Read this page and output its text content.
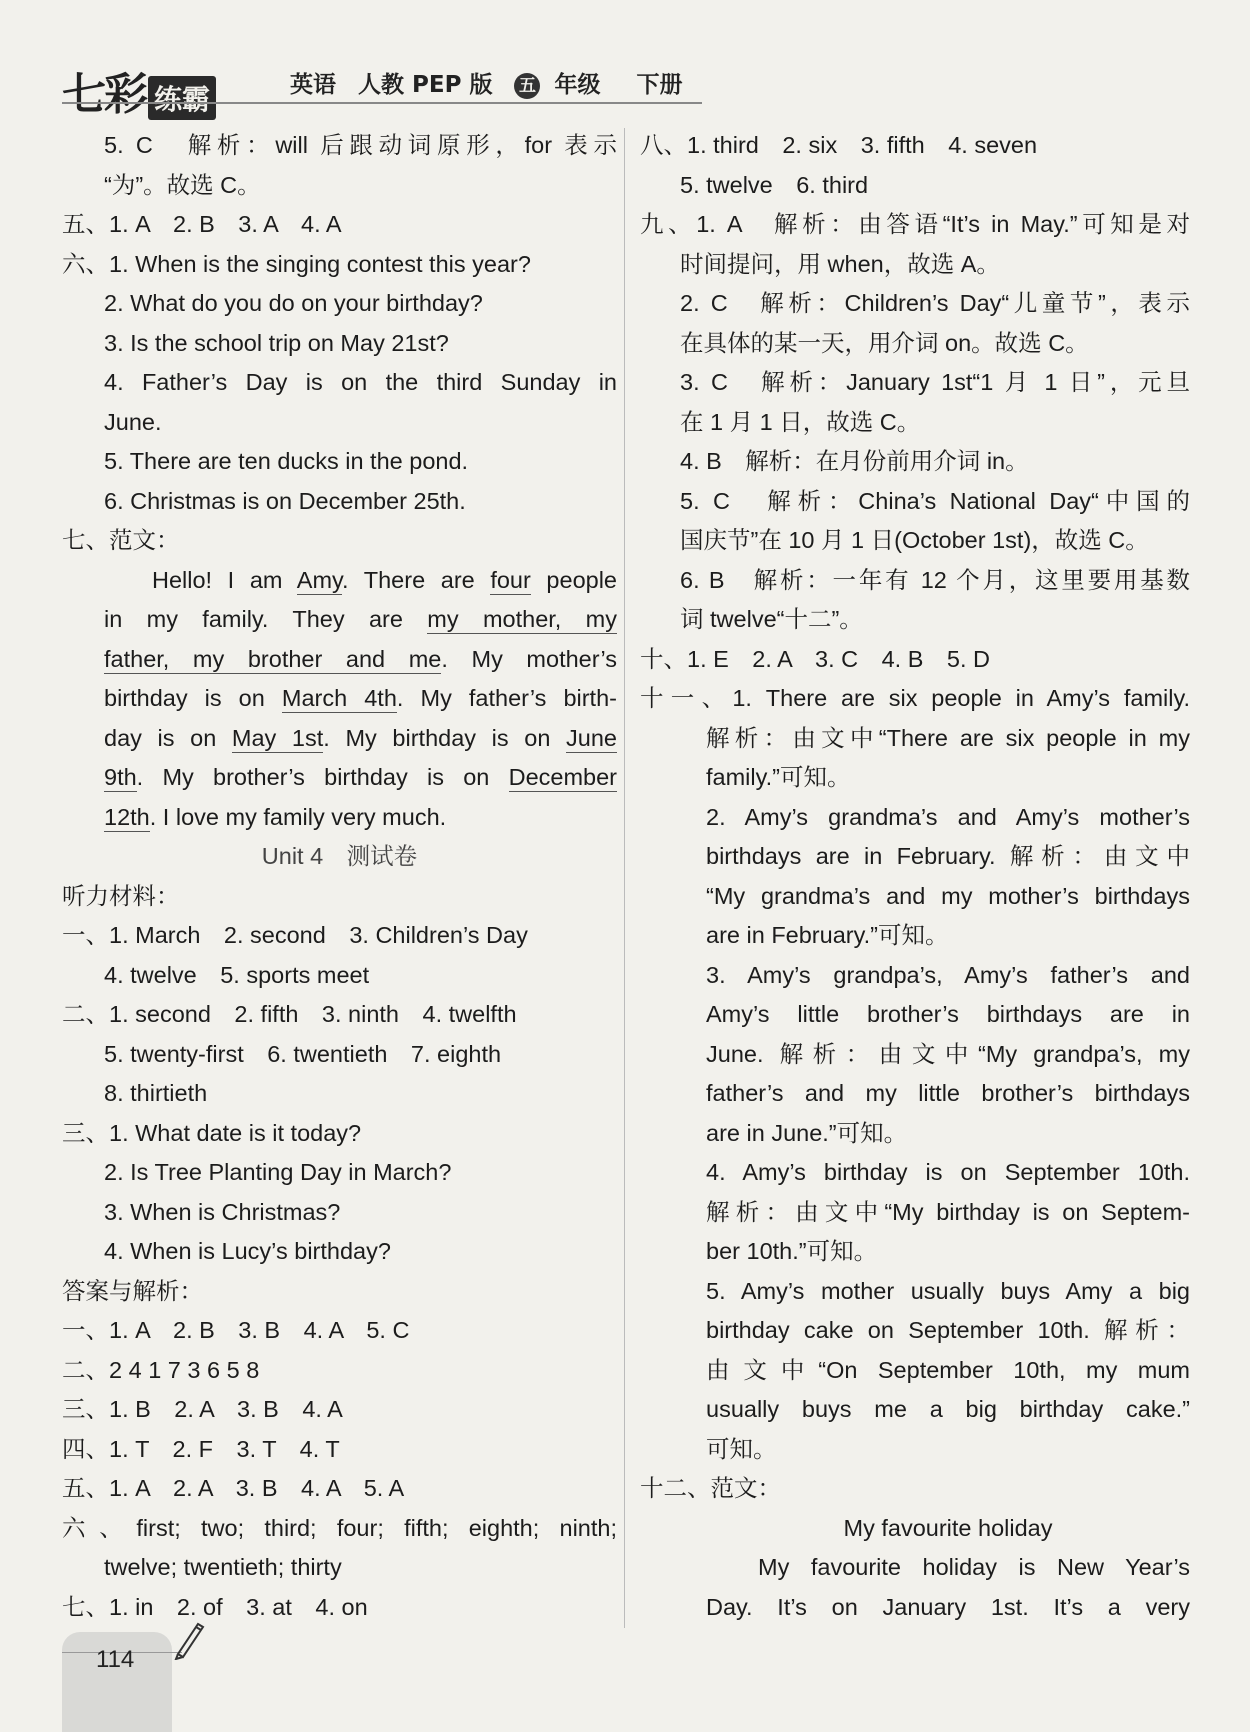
七彩 练霸	英语 人教 PEP 版 五 年级 下册
5. C　解析：will 后跟动词原形，for 表示
“为”。故选 C。
五、1. A　2. B　3. A　4. A
六、1. When is the singing contest this year?
2. What do you do on your birthday?
3. Is the school trip on May 21st?
4. Father’s Day is on the third Sunday in
June.
5. There are ten ducks in the pond.
6. Christmas is on December 25th.
七、范文：
Hello! I am Amy. There are four people
in my family. They are my mother, my
father, my brother and me. My mother’s
birthday is on March 4th. My father’s birth-
day is on May 1st. My birthday is on June
9th. My brother’s birthday is on December
12th. I love my family very much.
Unit 4　测试卷
听力材料：
一、1. March　2. second　3. Children’s Day
4. twelve　5. sports meet
二、1. second　2. fifth　3. ninth　4. twelfth
5. twenty-first　6. twentieth　7. eighth
8. thirtieth
三、1. What date is it today?
2. Is Tree Planting Day in March?
3. When is Christmas?
4. When is Lucy’s birthday?
答案与解析：
一、1. A　2. B　3. B　4. A　5. C
二、2 4 1 7 3 6 5 8
三、1. B　2. A　3. B　4. A
四、1. T　2. F　3. T　4. T
五、1. A　2. A　3. B　4. A　5. A
六、first; two; third; four; fifth; eighth; ninth;
twelve; twentieth; thirty
七、1. in　2. of　3. at　4. on
八、1. third　2. six　3. fifth　4. seven
5. twelve　6. third
九、1. A　解析：由答语“It’s in May.”可知是对
时间提问，用 when，故选 A。
2. C　解析：Children’s Day“儿童节”，表示
在具体的某一天，用介词 on。故选 C。
3. C　解析：January 1st“1 月 1 日”，元旦
在 1 月 1 日，故选 C。
4. B　解析：在月份前用介词 in。
5. C　解析：China’s National Day“中国的
国庆节”在 10 月 1 日(October 1st)，故选 C。
6. B　解析：一年有 12 个月，这里要用基数
词 twelve“十二”。
十、1. E　2. A　3. C　4. B　5. D
十一、1. There are six people in Amy’s family.
解析：由文中“There are six people in my
family.”可知。
2. Amy’s grandma’s and Amy’s mother’s
birthdays are in February. 解析：由文中
“My grandma’s and my mother’s birthdays
are in February.”可知。
3. Amy’s grandpa’s, Amy’s father’s and
Amy’s little brother’s birthdays are in
June. 解析：由文中“My grandpa’s, my
father’s and my little brother’s birthdays
are in June.”可知。
4. Amy’s birthday is on September 10th.
解析：由文中“My birthday is on Septem-
ber 10th.”可知。
5. Amy’s mother usually buys Amy a big
birthday cake on September 10th. 解析：
由文中“On September 10th, my mum
usually buys me a big birthday cake.”
可知。
十二、范文：
My favourite holiday
My favourite holiday is New Year’s
Day. It’s on January 1st. It’s a very
114
